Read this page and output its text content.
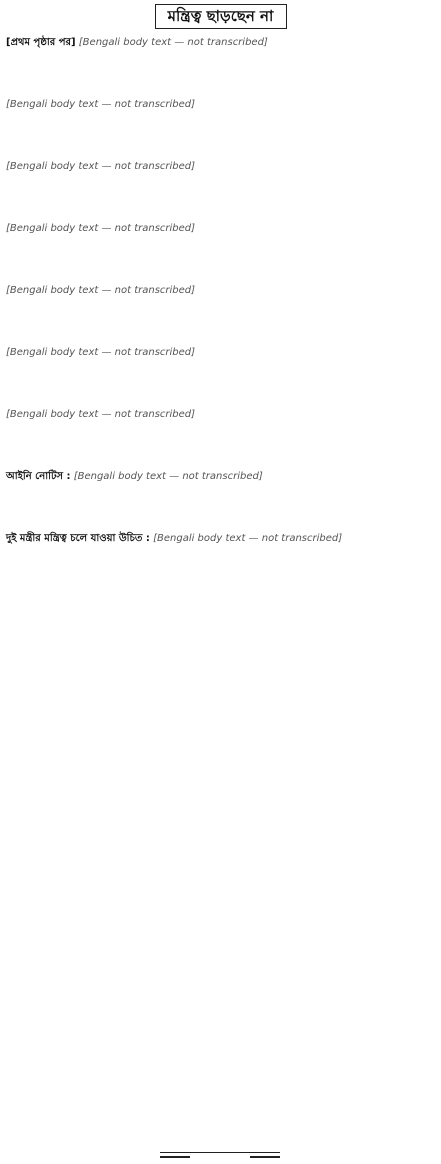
মন্ত্রিত্ব ছাড়ছেন না

[প্রথম পৃষ্ঠার পর] [Bengali body text — not transcribed]

[Bengali body text — not transcribed]

[Bengali body text — not transcribed]

[Bengali body text — not transcribed]

[Bengali body text — not transcribed]

[Bengali body text — not transcribed]

[Bengali body text — not transcribed]

আইনি নোটিস : [Bengali body text — not transcribed]

দুই মন্ত্রীর মন্ত্রিত্ব চলে যাওয়া উচিত : [Bengali body text — not transcribed]
